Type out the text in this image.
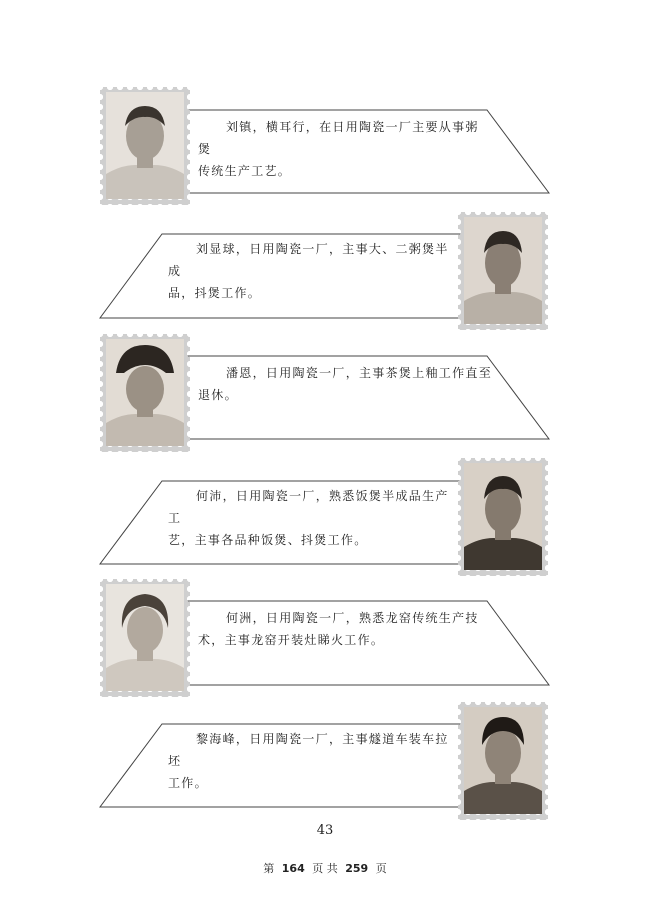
刘镇，横耳行，在日用陶瓷一厂主要从事粥煲
传统生产工艺。
刘显球，日用陶瓷一厂，主事大、二粥煲半成
品，抖煲工作。
潘恩，日用陶瓷一厂，主事茶煲上釉工作直至
退休。
何沛，日用陶瓷一厂，熟悉饭煲半成品生产工
艺，主事各品种饭煲、抖煲工作。
何洲，日用陶瓷一厂，熟悉龙窑传统生产技
术，主事龙窑开装灶睇火工作。
黎海峰，日用陶瓷一厂，主事燧道车装车拉坯
工作。
43
第 164 页 共 259 页
